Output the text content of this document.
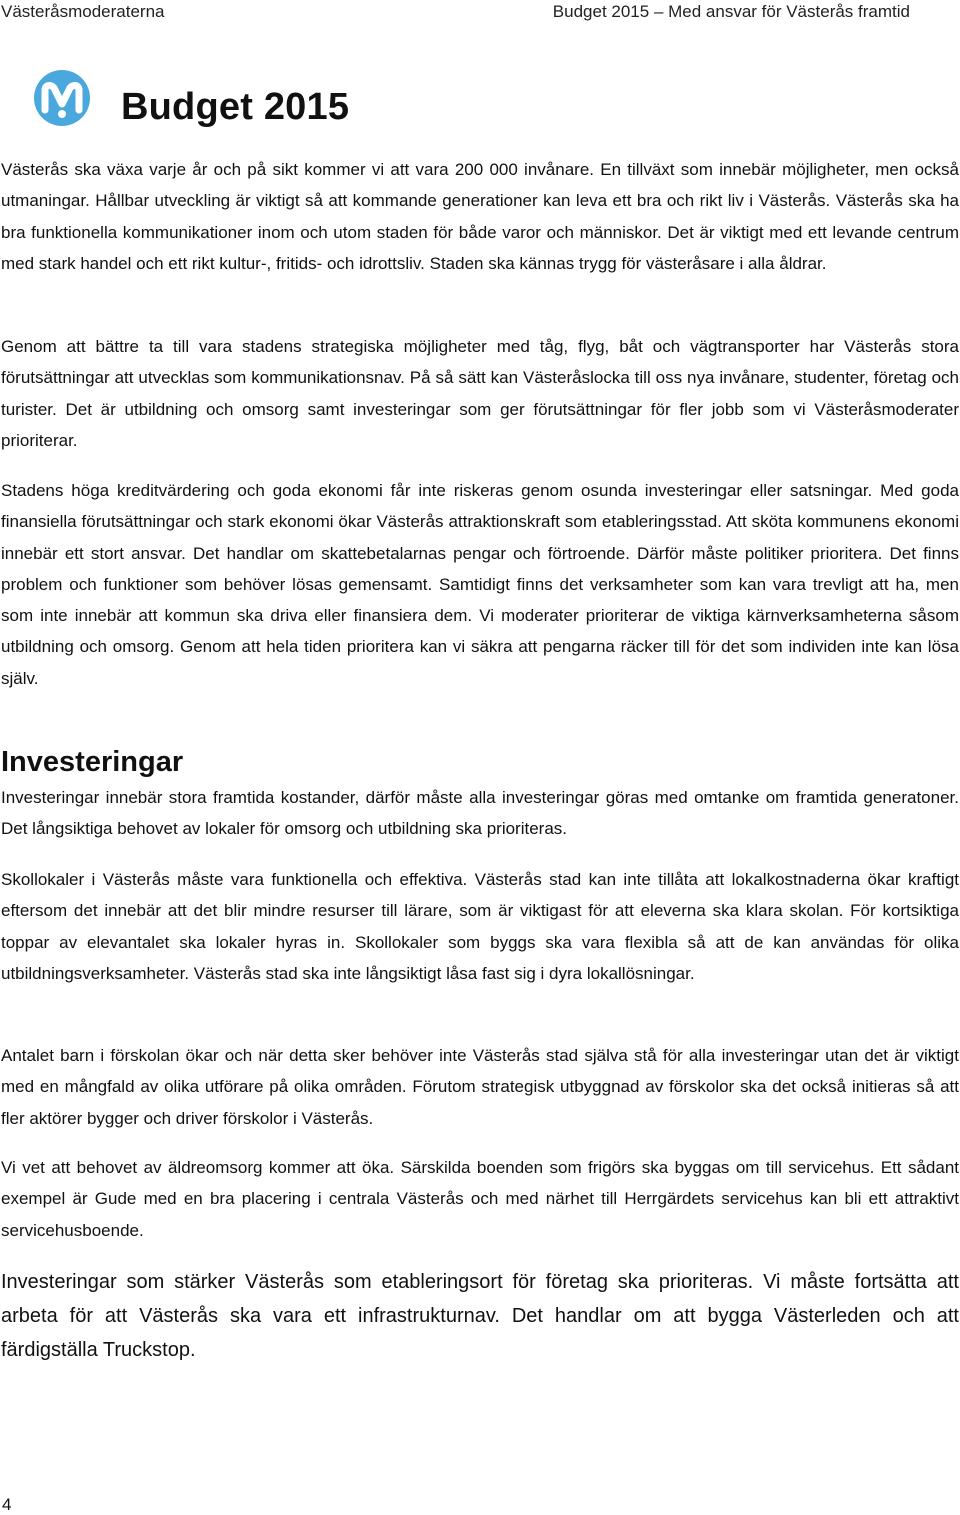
Västeråsmoderaterna	Budget 2015 – Med ansvar för Västerås framtid
Budget 2015

Västerås ska växa varje år och på sikt kommer vi att vara 200 000 invånare. En tillväxt som innebär möjligheter, men också utmaningar. Hållbar utveckling är viktigt så att kommande generationer kan leva ett bra och rikt liv i Västerås. Västerås ska ha bra funktionella kommunikationer inom och utom staden för både varor och människor. Det är viktigt med ett levande centrum med stark handel och ett rikt kultur-, fritids- och idrottsliv. Staden ska kännas trygg för västeråsare i alla åldrar.

Genom att bättre ta till vara stadens strategiska möjligheter med tåg, flyg, båt och vägtransporter har Västerås stora förutsättningar att utvecklas som kommunikationsnav. På så sätt kan Västeråslocka till oss nya invånare, studenter, företag och turister. Det är utbildning och omsorg samt investeringar som ger förutsättningar för fler jobb som vi Västeråsmoderater prioriterar.

Stadens höga kreditvärdering och goda ekonomi får inte riskeras genom osunda investeringar eller satsningar. Med goda finansiella förutsättningar och stark ekonomi ökar Västerås attraktionskraft som etableringsstad. Att sköta kommunens ekonomi innebär ett stort ansvar. Det handlar om skattebetalarnas pengar och förtroende. Därför måste politiker prioritera. Det finns problem och funktioner som behöver lösas gemensamt. Samtidigt finns det verksamheter som kan vara trevligt att ha, men som inte innebär att kommun ska driva eller finansiera dem. Vi moderater prioriterar de viktiga kärnverksamheterna såsom utbildning och omsorg. Genom att hela tiden prioritera kan vi säkra att pengarna räcker till för det som individen inte kan lösa själv.

Investeringar

Investeringar innebär stora framtida kostander, därför måste alla investeringar göras med omtanke om framtida generatoner. Det långsiktiga behovet av lokaler för omsorg och utbildning ska prioriteras.

Skollokaler i Västerås måste vara funktionella och effektiva. Västerås stad kan inte tillåta att lokalkostnaderna ökar kraftigt eftersom det innebär att det blir mindre resurser till lärare, som är viktigast för att eleverna ska klara skolan. För kortsiktiga toppar av elevantalet ska lokaler hyras in. Skollokaler som byggs ska vara flexibla så att de kan användas för olika utbildningsverksamheter. Västerås stad ska inte långsiktigt låsa fast sig i dyra lokallösningar.

Antalet barn i förskolan ökar och när detta sker behöver inte Västerås stad själva stå för alla investeringar utan det är viktigt med en mångfald av olika utförare på olika områden. Förutom strategisk utbyggnad av förskolor ska det också initieras så att fler aktörer bygger och driver förskolor i Västerås.

Vi vet att behovet av äldreomsorg kommer att öka. Särskilda boenden som frigörs ska byggas om till servicehus. Ett sådant exempel är Gude med en bra placering i centrala Västerås och med närhet till Herrgärdets servicehus kan bli ett attraktivt servicehusboende.

Investeringar som stärker Västerås som etableringsort för företag ska prioriteras. Vi måste fortsätta att arbeta för att Västerås ska vara ett infrastrukturnav. Det handlar om att bygga Västerleden och att färdigställa Truckstop.

4
